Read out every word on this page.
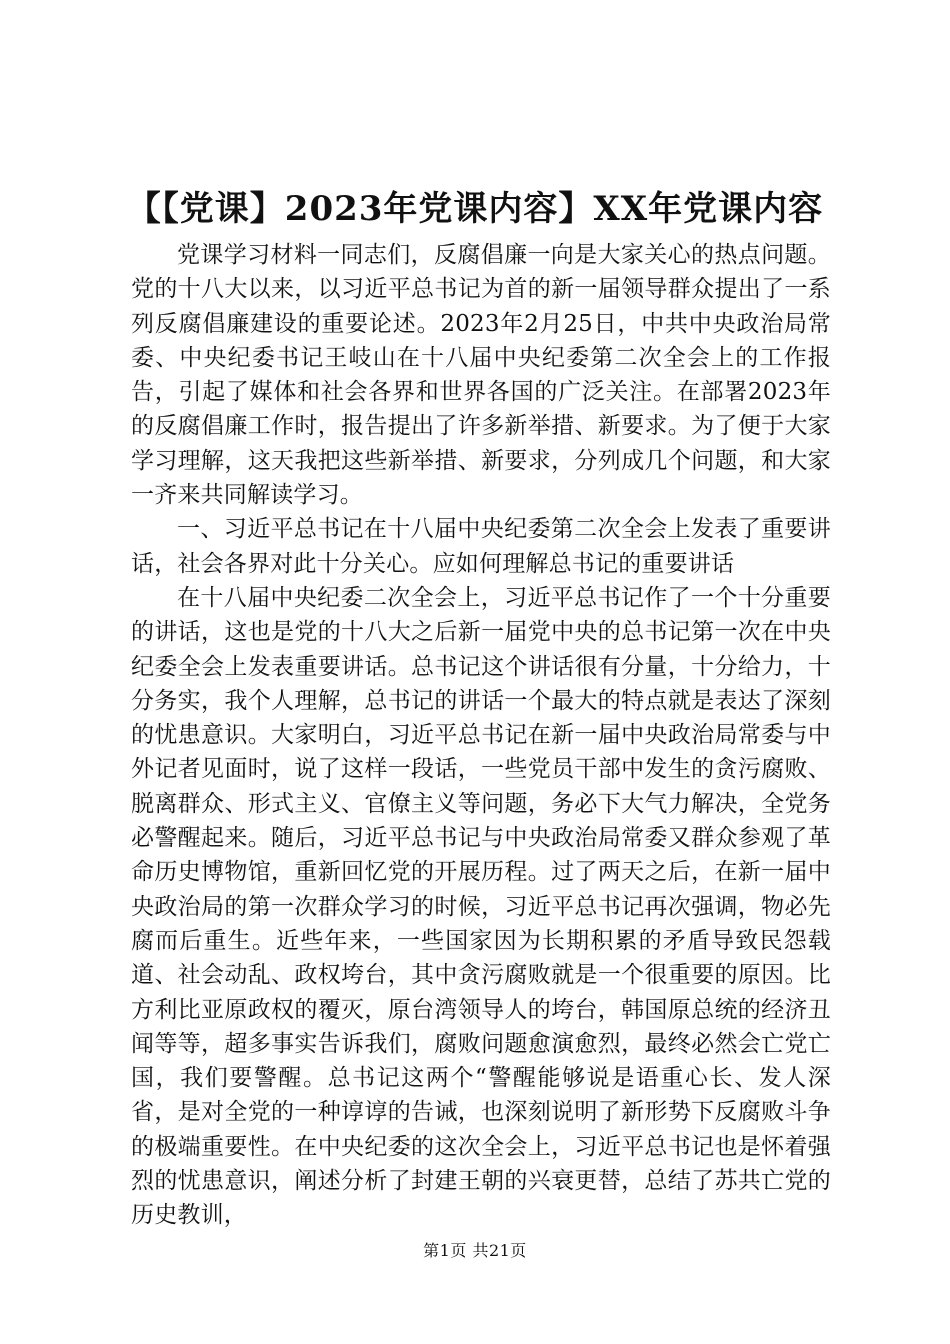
【【党课】2023年党课内容】XX年党课内容

党课学习材料一同志们，反腐倡廉一向是大家关心的热点问题。党的十八大以来，以习近平总书记为首的新一届领导群众提出了一系列反腐倡廉建设的重要论述。2023年2月25日，中共中央政治局常委、中央纪委书记王岐山在十八届中央纪委第二次全会上的工作报告，引起了媒体和社会各界和世界各国的广泛关注。在部署2023年的反腐倡廉工作时，报告提出了许多新举措、新要求。为了便于大家学习理解，这天我把这些新举措、新要求，分列成几个问题，和大家一齐来共同解读学习。

一、习近平总书记在十八届中央纪委第二次全会上发表了重要讲话，社会各界对此十分关心。应如何理解总书记的重要讲话

在十八届中央纪委二次全会上，习近平总书记作了一个十分重要的讲话，这也是党的十八大之后新一届党中央的总书记第一次在中央纪委全会上发表重要讲话。总书记这个讲话很有分量，十分给力，十分务实，我个人理解，总书记的讲话一个最大的特点就是表达了深刻的忧患意识。大家明白，习近平总书记在新一届中央政治局常委与中外记者见面时，说了这样一段话，一些党员干部中发生的贪污腐败、脱离群众、形式主义、官僚主义等问题，务必下大气力解决，全党务必警醒起来。随后，习近平总书记与中央政治局常委又群众参观了革命历史博物馆，重新回忆党的开展历程。过了两天之后，在新一届中央政治局的第一次群众学习的时候，习近平总书记再次强调，物必先腐而后重生。近些年来，一些国家因为长期积累的矛盾导致民怨载道、社会动乱、政权垮台，其中贪污腐败就是一个很重要的原因。比方利比亚原政权的覆灭，原台湾领导人的垮台，韩国原总统的经济丑闻等等，超多事实告诉我们，腐败问题愈演愈烈，最终必然会亡党亡国，我们要警醒。总书记这两个“警醒能够说是语重心长、发人深省，是对全党的一种谆谆的告诫，也深刻说明了新形势下反腐败斗争的极端重要性。在中央纪委的这次全会上，习近平总书记也是怀着强烈的忧患意识，阐述分析了封建王朝的兴衰更替，总结了苏共亡党的历史教训，

第1页 共21页
